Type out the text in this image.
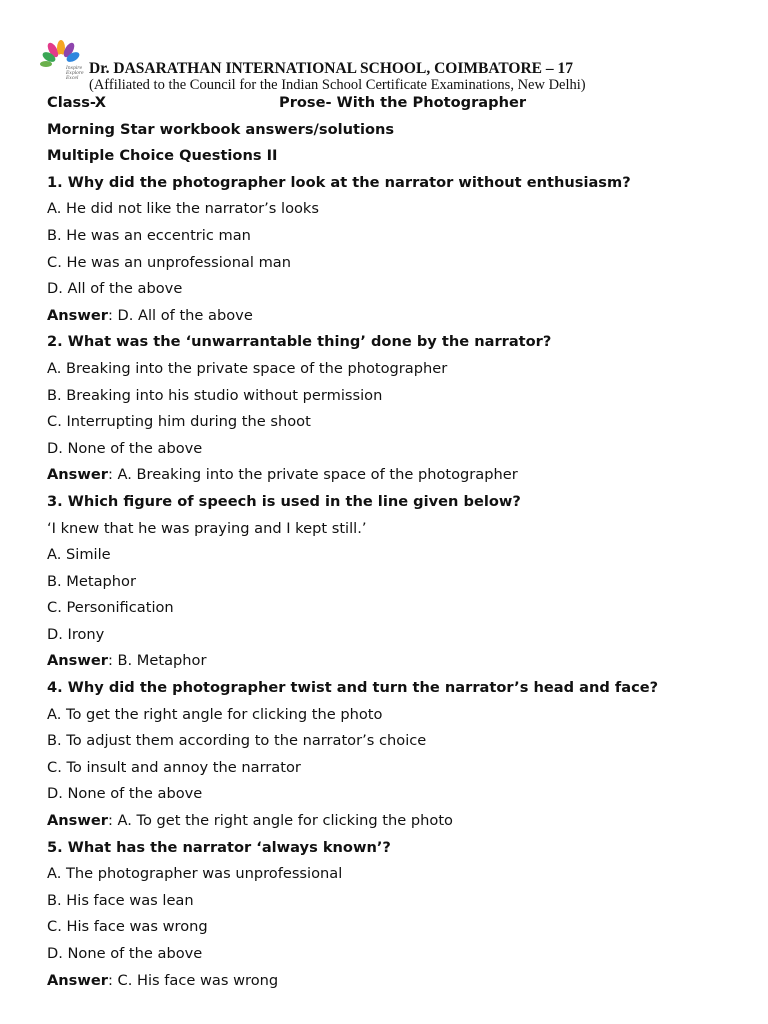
Inspire Explore Excel
Dr. DASARATHAN INTERNATIONAL SCHOOL, COIMBATORE – 17
(Affiliated to the Council for the Indian School Certificate Examinations, New Delhi)
Class-X	Prose- With the Photographer
Morning Star workbook answers/solutions
Multiple Choice Questions II
1. Why did the photographer look at the narrator without enthusiasm?
A. He did not like the narrator’s looks
B. He was an eccentric man
C. He was an unprofessional man
D. All of the above
Answer: D. All of the above
2. What was the ‘unwarrantable thing’ done by the narrator?
A. Breaking into the private space of the photographer
B. Breaking into his studio without permission
C. Interrupting him during the shoot
D. None of the above
Answer: A. Breaking into the private space of the photographer
3. Which figure of speech is used in the line given below?
‘I knew that he was praying and I kept still.’
A. Simile
B. Metaphor
C. Personification
D. Irony
Answer: B. Metaphor
4. Why did the photographer twist and turn the narrator’s head and face?
A. To get the right angle for clicking the photo
B. To adjust them according to the narrator’s choice
C. To insult and annoy the narrator
D. None of the above
Answer: A. To get the right angle for clicking the photo
5. What has the narrator ‘always known’?
A. The photographer was unprofessional
B. His face was lean
C. His face was wrong
D. None of the above
Answer: C. His face was wrong
